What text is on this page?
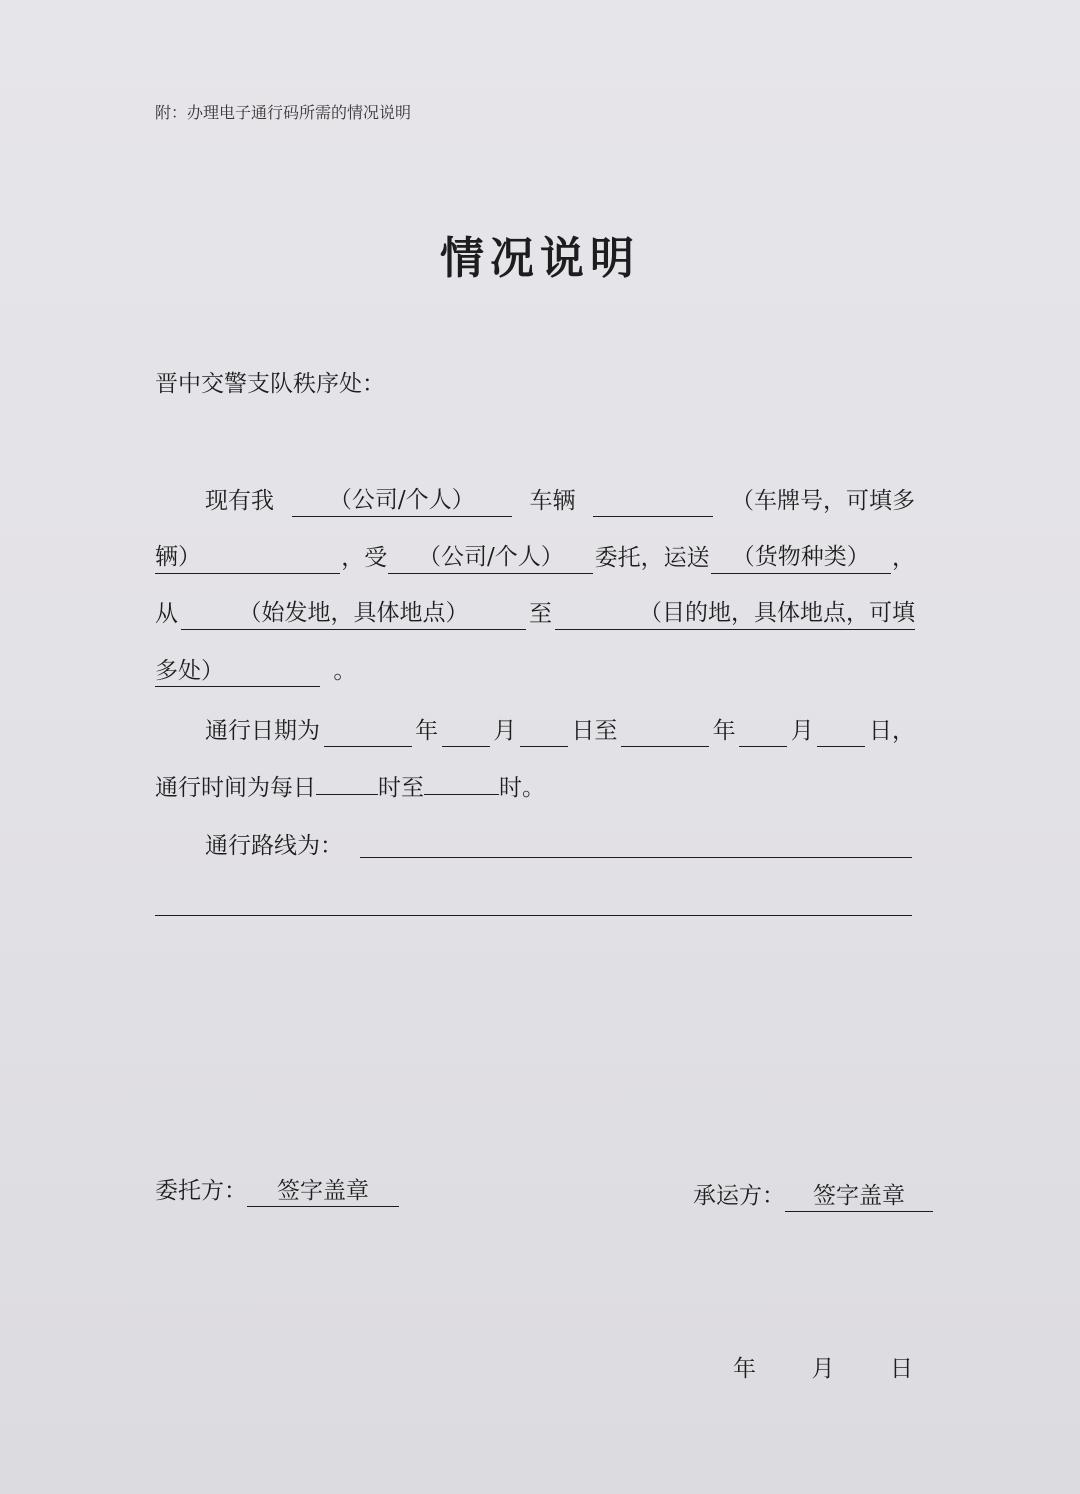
附：办理电子通行码所需的情况说明
情况说明
晋中交警支队秩序处：
现有我	（公司/个人）	车辆	（车牌号，可填多
辆）	，受	（公司/个人）	委托，运送 （货物种类） ，
从	（始发地，具体地点）	至	（目的地，具体地点，可填
多处）	。
通行日期为	年 月 日至	年 月 日，
通行时间为每日	时至	时。
通行路线为：
委托方： 签字盖章	承运方： 签字盖章
年 月 日
